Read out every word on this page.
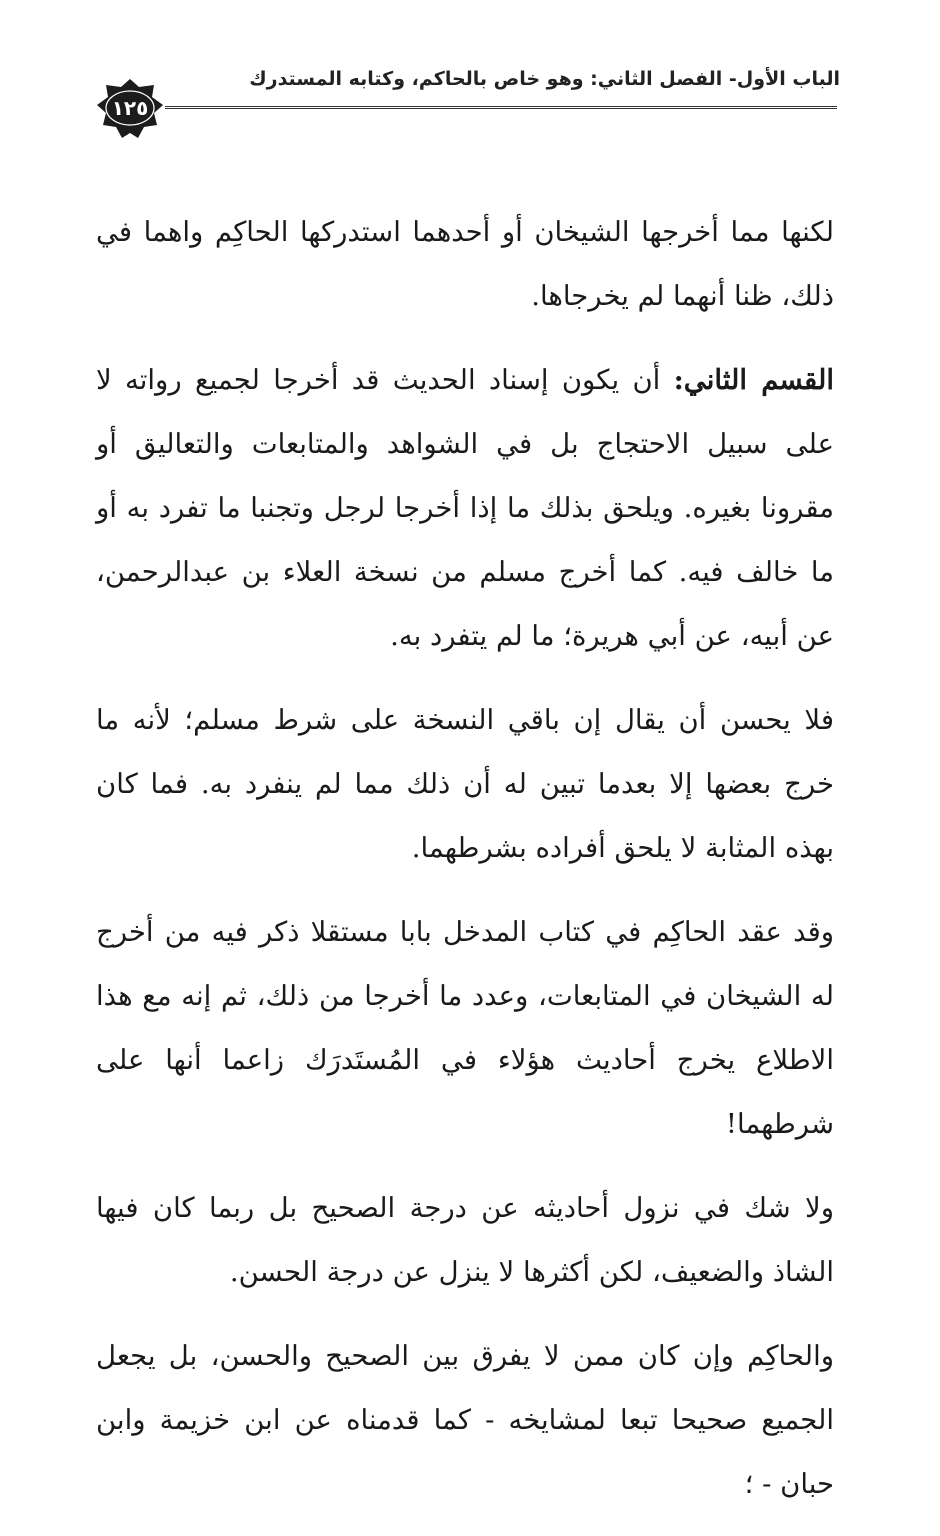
الباب الأول- الفصل الثاني: وهو خاص بالحاكم، وكتابه المستدرك
١٢٥

لكنها مما أخرجها الشيخان أو أحدهما استدركها الحاكِم واهما في ذلك، ظنا أنهما لم يخرجاها.

القسم الثاني: أن يكون إسناد الحديث قد أخرجا لجميع رواته لا على سبيل الاحتجاج بل في الشواهد والمتابعات والتعاليق أو مقرونا بغيره. ويلحق بذلك ما إذا أخرجا لرجل وتجنبا ما تفرد به أو ما خالف فيه. كما أخرج مسلم من نسخة العلاء بن عبدالرحمن، عن أبيه، عن أبي هريرة؛ ما لم يتفرد به.

فلا يحسن أن يقال إن باقي النسخة على شرط مسلم؛ لأنه ما خرج بعضها إلا بعدما تبين له أن ذلك مما لم ينفرد به. فما كان بهذه المثابة لا يلحق أفراده بشرطهما.

وقد عقد الحاكِم في كتاب المدخل بابا مستقلا ذكر فيه من أخرج له الشيخان في المتابعات، وعدد ما أخرجا من ذلك، ثم إنه مع هذا الاطلاع يخرج أحاديث هؤلاء في المُستَدرَك زاعما أنها على شرطهما!

ولا شك في نزول أحاديثه عن درجة الصحيح بل ربما كان فيها الشاذ والضعيف، لكن أكثرها لا ينزل عن درجة الحسن.

والحاكِم وإن كان ممن لا يفرق بين الصحيح والحسن، بل يجعل الجميع صحيحا تبعا لمشايخه - كما قدمناه عن ابن خزيمة وابن حبان - ؛
